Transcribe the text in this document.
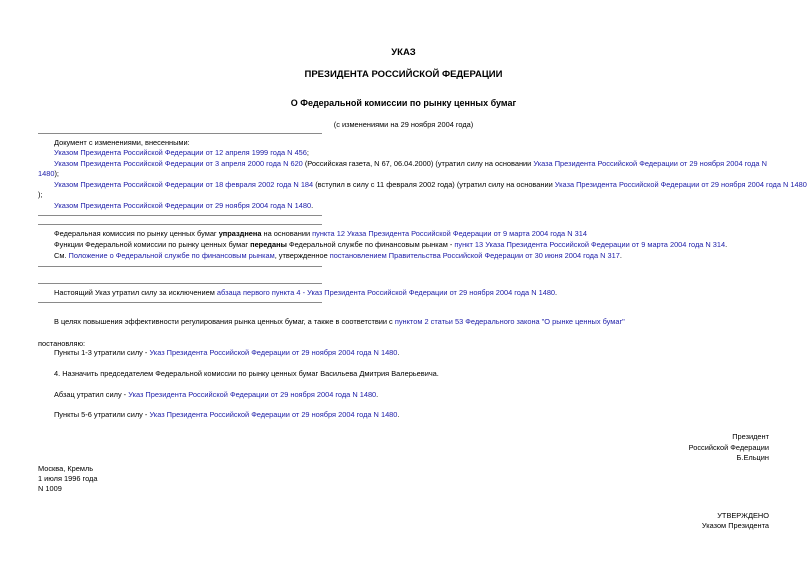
УКАЗ
ПРЕЗИДЕНТА РОССИЙСКОЙ ФЕДЕРАЦИИ
О Федеральной комиссии по рынку ценных бумаг
(с изменениями на 29 ноября 2004 года)
Документ с изменениями, внесенными:
Указом Президента Российской Федерации от 12 апреля 1999 года N 456;
Указом Президента Российской Федерации от 3 апреля 2000 года N 620 (Российская газета, N 67, 06.04.2000) (утратил силу на основании Указа Президента Российской Федерации от 29 ноября 2004 года N 1480);
Указом Президента Российской Федерации от 18 февраля 2002 года N 184 (вступил в силу с 11 февраля 2002 года) (утратил силу на основании Указа Президента Российской Федерации от 29 ноября 2004 года N 1480
);
Указом Президента Российской Федерации от 29 ноября 2004 года N 1480.
Федеральная комиссия по рынку ценных бумаг упразднена на основании пункта 12 Указа Президента Российской Федерации от 9 марта 2004 года N 314
Функции Федеральной комиссии по рынку ценных бумаг переданы Федеральной службе по финансовым рынкам - пункт 13 Указа Президента Российской Федерации от 9 марта 2004 года N 314.
См. Положение о Федеральной службе по финансовым рынкам, утвержденное постановлением Правительства Российской Федерации от 30 июня 2004 года N 317.
Настоящий Указ утратил силу за исключением абзаца первого пункта 4 - Указ Президента Российской Федерации от 29 ноября 2004 года N 1480.
В целях повышения эффективности регулирования рынка ценных бумаг, а также в соответствии с пунктом 2 статьи 53 Федерального закона "О рынке ценных бумаг"
постановляю:
Пункты 1-3 утратили силу - Указ Президента Российской Федерации от 29 ноября 2004 года N 1480.
4. Назначить председателем Федеральной комиссии по рынку ценных бумаг Васильева Дмитрия Валерьевича.
Абзац утратил силу - Указ Президента Российской Федерации от 29 ноября 2004 года N 1480.
Пункты 5-6 утратили силу - Указ Президента Российской Федерации от 29 ноября 2004 года N 1480.
Президент
Российской Федерации
Б.Ельцин
Москва, Кремль
1 июля 1996 года
N 1009
УТВЕРЖДЕНО
Указом Президента
